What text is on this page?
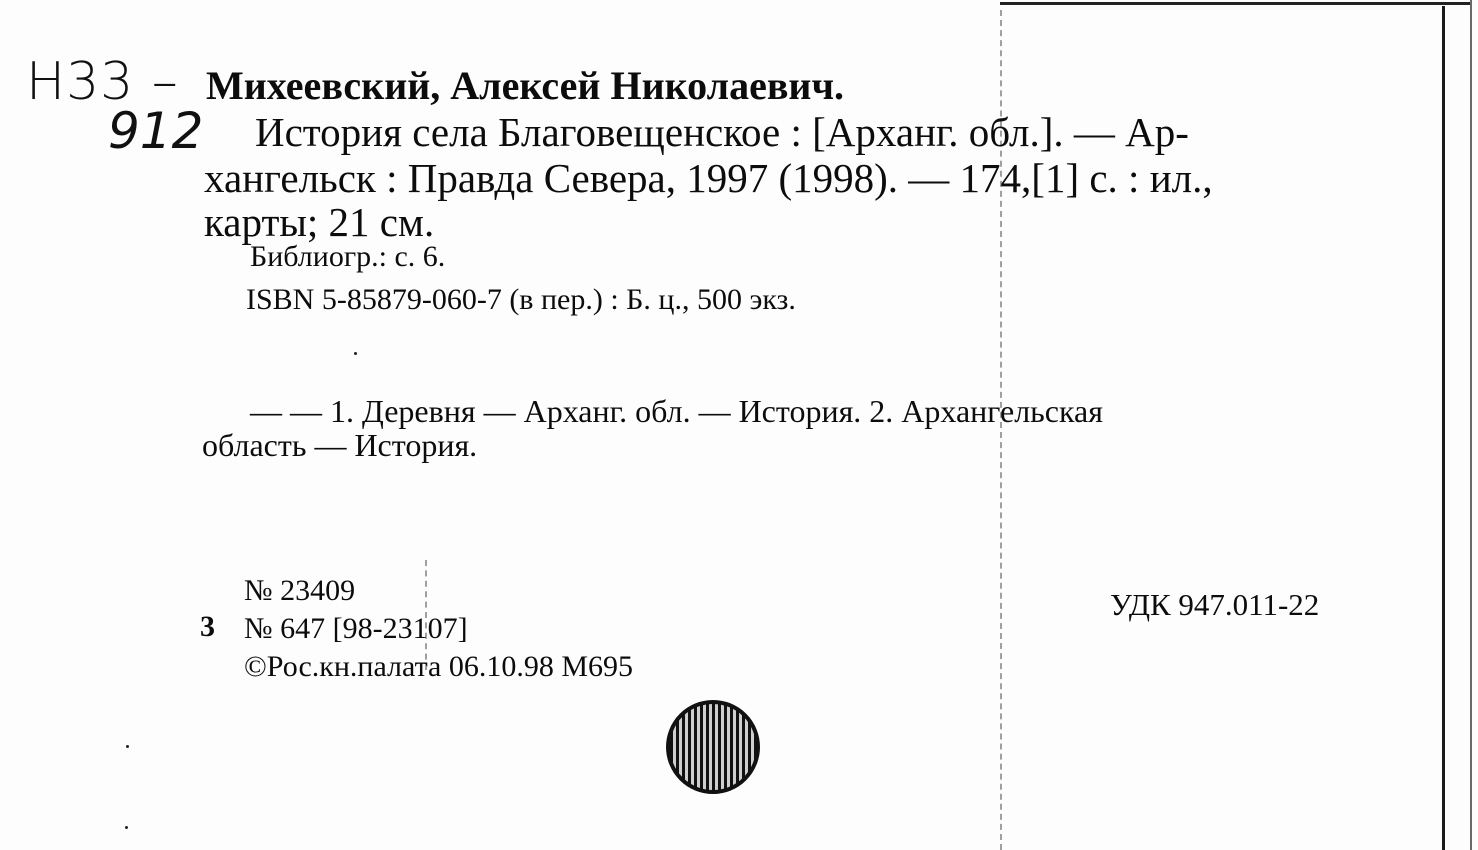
Н33 –
912
Михеевский, Алексей Николаевич.
История села Благовещенское : [Арханг. обл.]. — Ар-
хангельск : Правда Севера, 1997 (1998). — 174,[1] с. : ил.,
карты; 21 см.
Библиогр.: с. 6.
ISBN 5-85879-060-7 (в пер.) : Б. ц., 500 экз.
— — 1. Деревня — Арханг. обл. — История. 2. Архангельская
область — История.
№ 23409
3 № 647 [98-23107]
©Рос.кн.палата 06.10.98 М695
УДК 947.011-22
